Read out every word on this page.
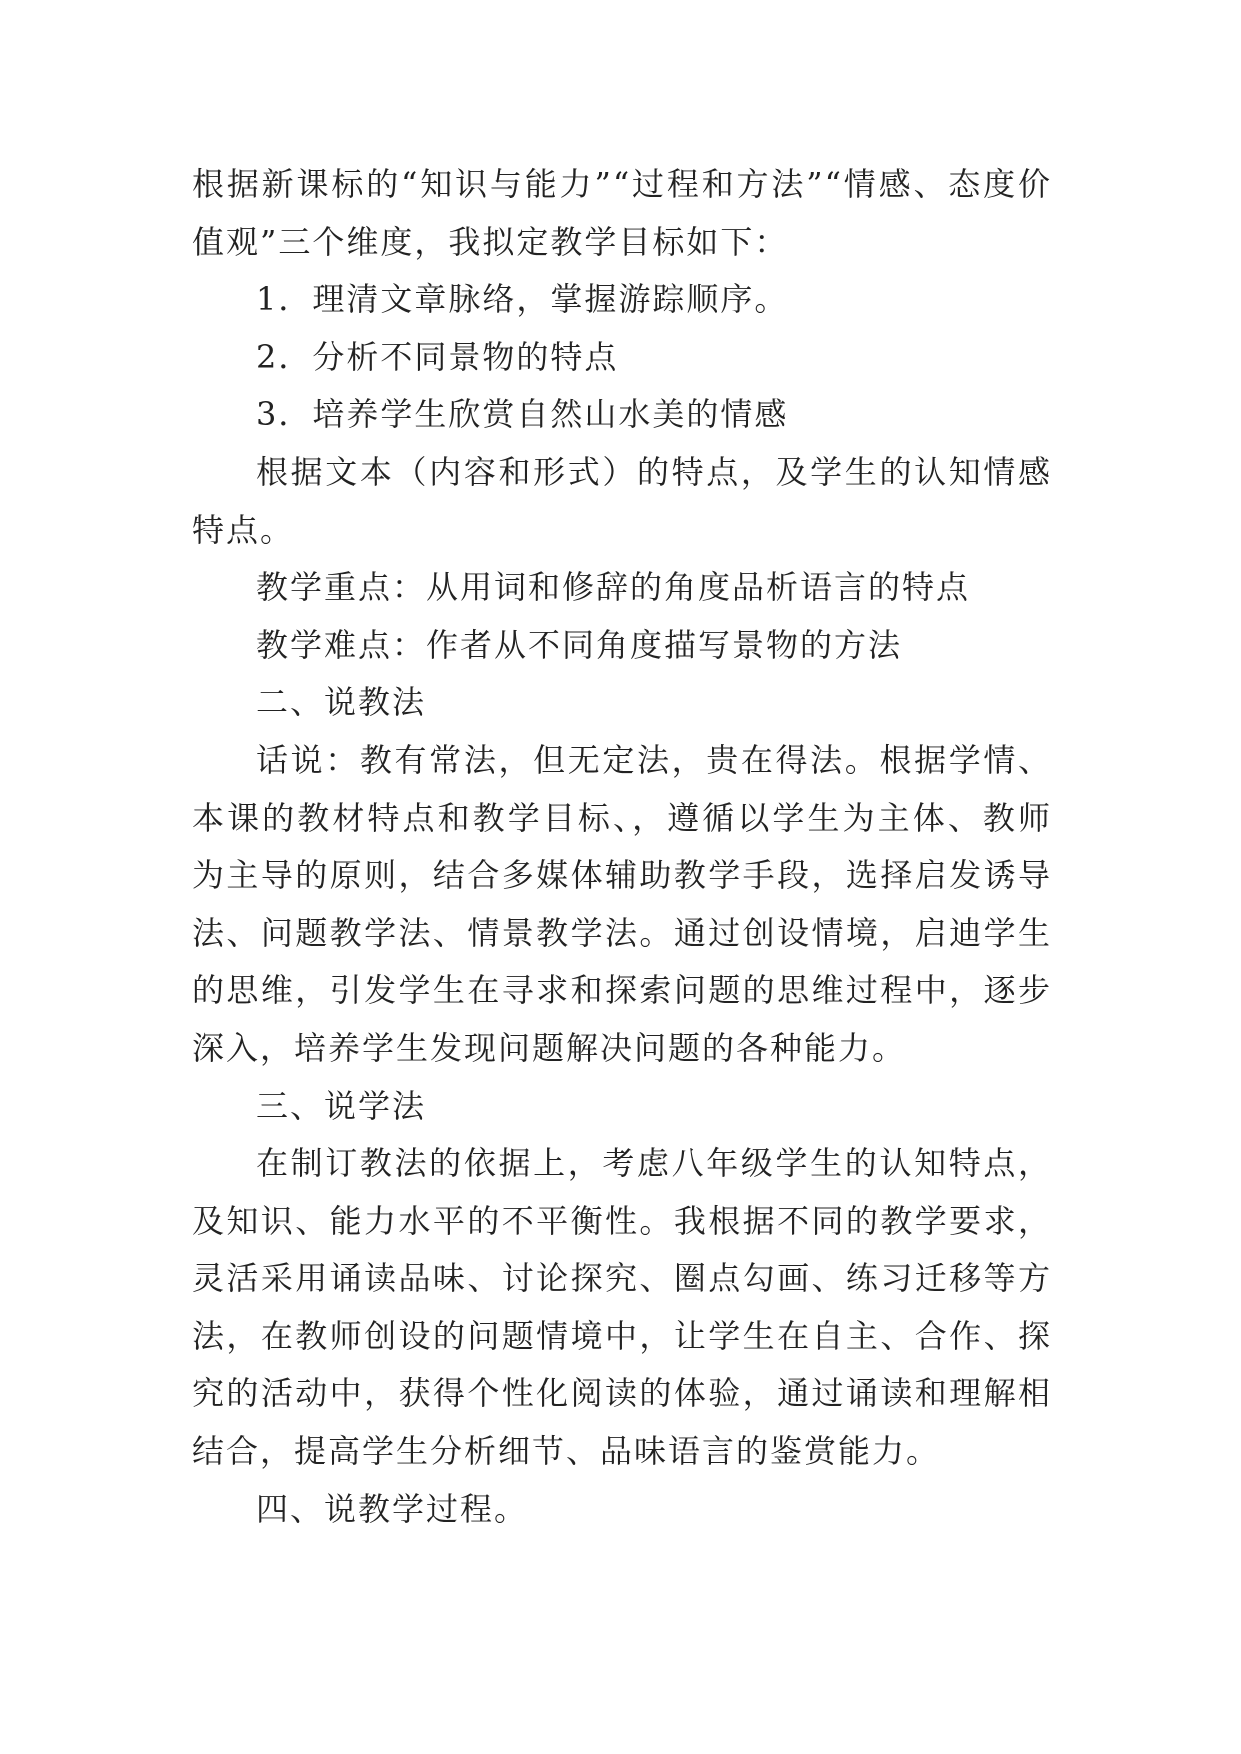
根据新课标的“知识与能力”“过程和方法”“情感、态度价值观”三个维度，我拟定教学目标如下：

1．理清文章脉络，掌握游踪顺序。

2．分析不同景物的特点

3．培养学生欣赏自然山水美的情感

根据文本（内容和形式）的特点，及学生的认知情感特点。

教学重点：从用词和修辞的角度品析语言的特点

教学难点：作者从不同角度描写景物的方法

二、说教法

话说：教有常法，但无定法，贵在得法。根据学情、本课的教材特点和教学目标、，遵循以学生为主体、教师为主导的原则，结合多媒体辅助教学手段，选择启发诱导法、问题教学法、情景教学法。通过创设情境，启迪学生的思维，引发学生在寻求和探索问题的思维过程中，逐步深入，培养学生发现问题解决问题的各种能力。

三、说学法

在制订教法的依据上，考虑八年级学生的认知特点，及知识、能力水平的不平衡性。我根据不同的教学要求，灵活采用诵读品味、讨论探究、圈点勾画、练习迁移等方法，在教师创设的问题情境中，让学生在自主、合作、探究的活动中，获得个性化阅读的体验，通过诵读和理解相结合，提高学生分析细节、品味语言的鉴赏能力。

四、说教学过程。
